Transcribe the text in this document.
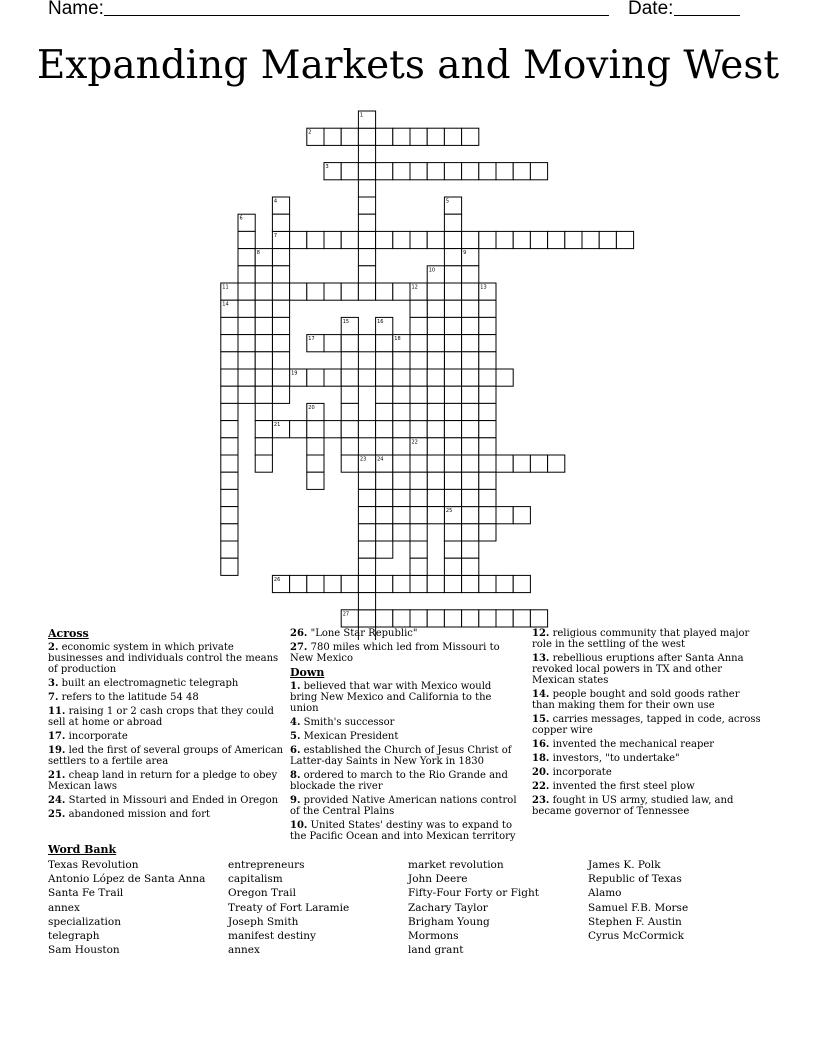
Name:	Date:
Expanding Markets and Moving West
2
3
7
11
17
19
21
24
25
26
27
1
4	5
6
8	9
10
12	13
14
15	16
18
20
22
23
Across
2. economic system in which private businesses and individuals control the means of production
3. built an electromagnetic telegraph
7. refers to the latitude 54 48
11. raising 1 or 2 cash crops that they could sell at home or abroad
17. incorporate
19. led the first of several groups of American settlers to a fertile area
21. cheap land in return for a pledge to obey Mexican laws
24. Started in Missouri and Ended in Oregon
25. abandoned mission and fort
26. "Lone Star Republic"
27. 780 miles which led from Missouri to New Mexico
Down
1. believed that war with Mexico would bring New Mexico and California to the union
4. Smith's successor
5. Mexican President
6. established the Church of Jesus Christ of Latter-day Saints in New York in 1830
8. ordered to march to the Rio Grande and blockade the river
9. provided Native American nations control of the Central Plains
10. United States' destiny was to expand to the Pacific Ocean and into Mexican territory
12. religious community that played major role in the settling of the west
13. rebellious eruptions after Santa Anna revoked local powers in TX and other Mexican states
14. people bought and sold goods rather than making them for their own use
15. carries messages, tapped in code, across copper wire
16. invented the mechanical reaper
18. investors, "to undertake"
20. incorporate
22. invented the first steel plow
23. fought in US army, studied law, and became governor of Tennessee
Word Bank
Texas Revolution
Antonio López de Santa Anna
Santa Fe Trail
annex
specialization
telegraph
Sam Houston
entrepreneurs
capitalism
Oregon Trail
Treaty of Fort Laramie
Joseph Smith
manifest destiny
annex
market revolution
John Deere
Fifty-Four Forty or Fight
Zachary Taylor
Brigham Young
Mormons
land grant
James K. Polk
Republic of Texas
Alamo
Samuel F.B. Morse
Stephen F. Austin
Cyrus McCormick
